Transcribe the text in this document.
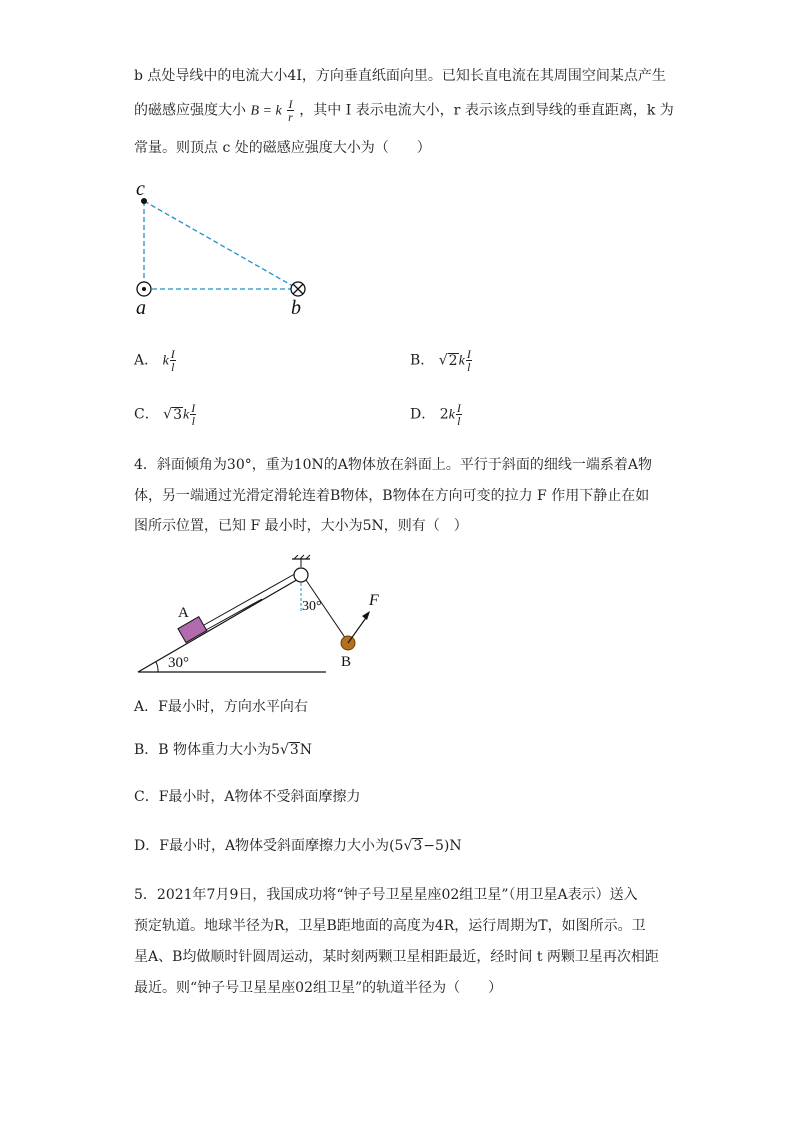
b 点处导线中的电流大小4I，方向垂直纸面向里。已知长直电流在其周围空间某点产生
的磁感应强度大小 B = k $\frac{I}{r}$ ，其中 I 表示电流大小，r 表示该点到导线的垂直距离，k 为
常量。则顶点 c 处的磁感应强度大小为（　　）
c
a	b
A． k $\frac{I}{l}$	B． $√2k \frac{I}{l}$
C． $√3k \frac{I}{l}$	D． $2k \frac{I}{l}$
4．斜面倾角为30°，重为10N的A物体放在斜面上。平行于斜面的细线一端系着A物
体，另一端通过光滑定滑轮连着B物体，B物体在方向可变的拉力 F 作用下静止在如
图所示位置，已知 F 最小时，大小为5N，则有（　）
A
B
F
30°
30°
A．F最小时，方向水平向右
B．B 物体重力大小为5√3N
C．F最小时，A物体不受斜面摩擦力
D．F最小时，A物体受斜面摩擦力大小为(5√3−5)N
5．2021年7月9日，我国成功将“钟子号卫星星座02组卫星”（用卫星A表示）送入
预定轨道。地球半径为R，卫星B距地面的高度为4R，运行周期为T，如图所示。卫
星A、B均做顺时针圆周运动，某时刻两颗卫星相距最近，经时间 t 两颗卫星再次相距
最近。则“钟子号卫星星座02组卫星”的轨道半径为（　　）
